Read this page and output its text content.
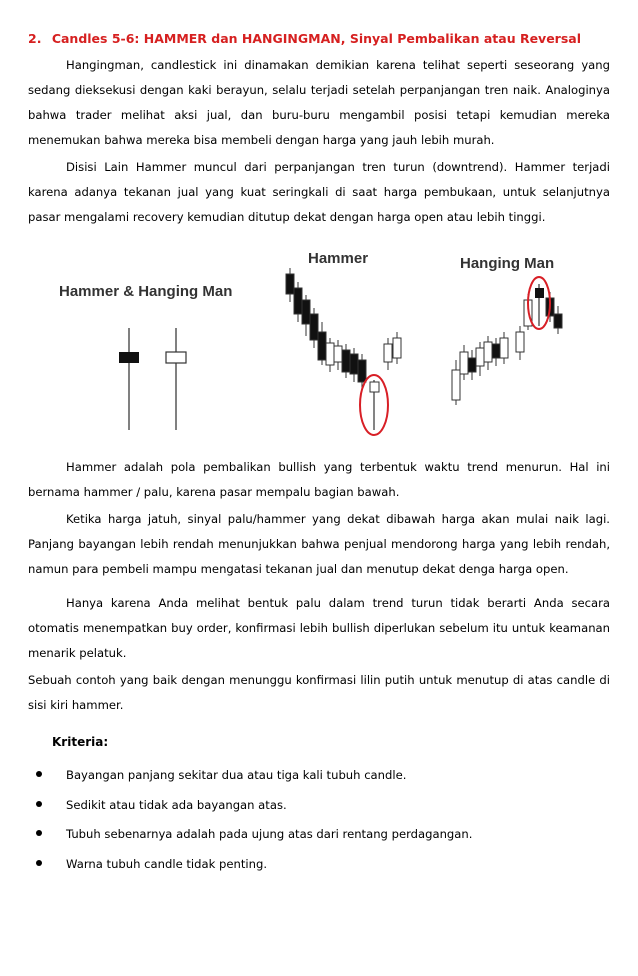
2. Candles 5-6: HAMMER dan HANGINGMAN, Sinyal Pembalikan atau Reversal
Hangingman, candlestick ini dinamakan demikian karena telihat seperti seseorang yang sedang dieksekusi dengan kaki berayun, selalu terjadi setelah perpanjangan tren naik. Analoginya bahwa trader melihat aksi jual, dan buru-buru mengambil posisi tetapi kemudian mereka menemukan bahwa mereka bisa membeli dengan harga yang jauh lebih murah.
Disisi Lain Hammer muncul dari perpanjangan tren turun (downtrend). Hammer terjadi karena adanya tekanan jual yang kuat seringkali di saat harga pembukaan, untuk selanjutnya pasar mengalami recovery kemudian ditutup dekat dengan harga open atau lebih tinggi.
Hammer & Hanging Man
Hammer	Hanging Man
Hammer adalah pola pembalikan bullish yang terbentuk waktu trend menurun. Hal ini bernama hammer / palu, karena pasar mempalu bagian bawah.
Ketika harga jatuh, sinyal palu/hammer yang dekat dibawah harga akan mulai naik lagi. Panjang bayangan lebih rendah menunjukkan bahwa penjual mendorong harga yang lebih rendah, namun para pembeli mampu mengatasi tekanan jual dan menutup dekat denga harga open.
Hanya karena Anda melihat bentuk palu dalam trend turun tidak berarti Anda secara otomatis menempatkan buy order, konfirmasi lebih bullish diperlukan sebelum itu untuk keamanan menarik pelatuk.
Sebuah contoh yang baik dengan menunggu konfirmasi lilin putih untuk menutup di atas candle di sisi kiri hammer.
Kriteria:
Bayangan panjang sekitar dua atau tiga kali tubuh candle.
Sedikit atau tidak ada bayangan atas.
Tubuh sebenarnya adalah pada ujung atas dari rentang perdagangan.
Warna tubuh candle tidak penting.
